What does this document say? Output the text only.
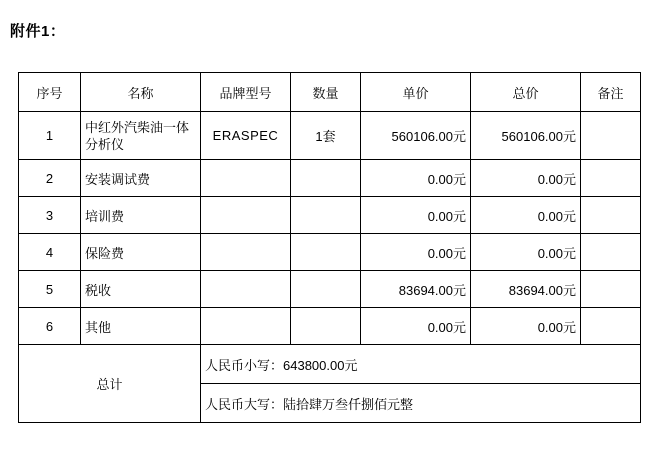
附件1：
序号	名称	品牌型号	数量	单价	总价	备注
1	中红外汽柴油一体分析仪	ERASPEC	1套	560106.00元	560106.00元	
2	安装调试费			0.00元	0.00元	
3	培训费			0.00元	0.00元	
4	保险费			0.00元	0.00元	
5	税收			83694.00元	83694.00元	
6	其他			0.00元	0.00元	
总计		人民币小写：643800.00元				
		人民币大写：陆拾肆万叁仟捌佰元整				
